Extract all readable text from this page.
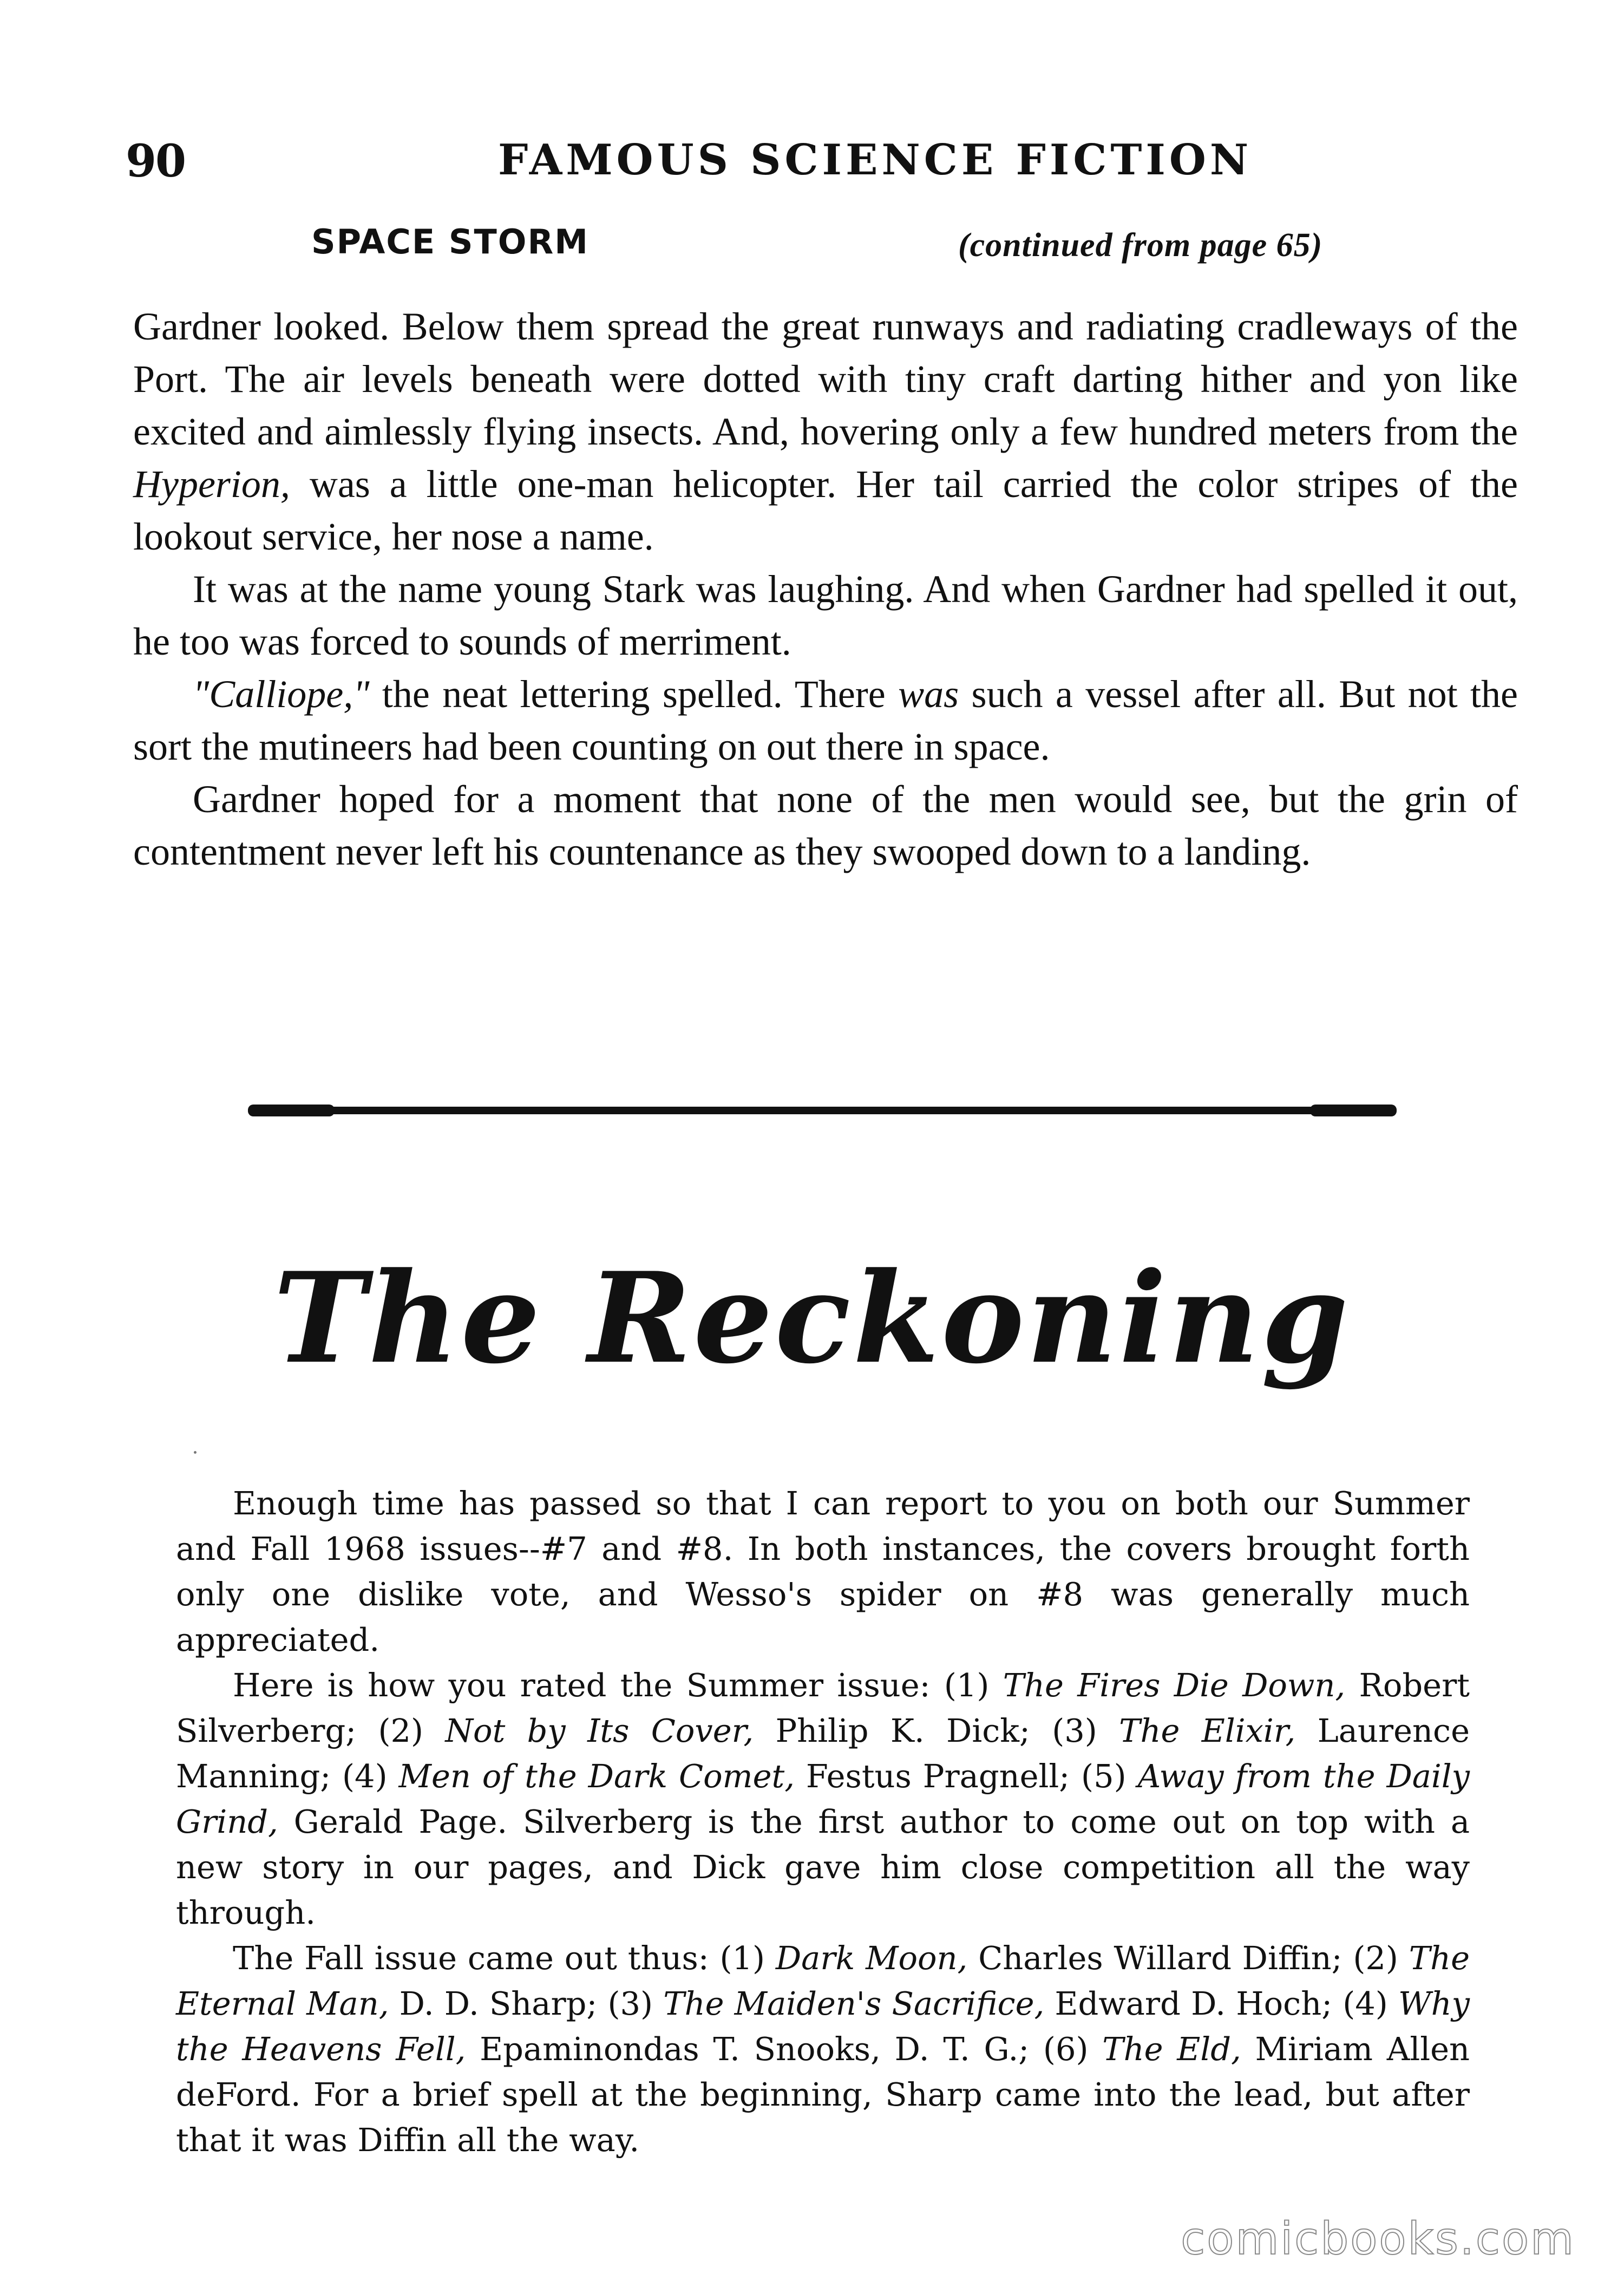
90	FAMOUS SCIENCE FICTION
SPACE STORM	(continued from page 65)

Gardner looked. Below them spread the great runways and radiating cradleways of the Port. The air levels beneath were dotted with tiny craft darting hither and yon like excited and aimlessly flying insects. And, hovering only a few hundred meters from the Hyperion, was a little one-man helicopter. Her tail carried the color stripes of the lookout service, her nose a name.

It was at the name young Stark was laughing. And when Gardner had spelled it out, he too was forced to sounds of merriment.

"Calliope," the neat lettering spelled. There was such a vessel after all. But not the sort the mutineers had been counting on out there in space.

Gardner hoped for a moment that none of the men would see, but the grin of contentment never left his countenance as they swooped down to a landing.

The Reckoning

Enough time has passed so that I can report to you on both our Summer and Fall 1968 issues--#7 and #8. In both instances, the covers brought forth only one dislike vote, and Wesso's spider on #8 was generally much appreciated.

Here is how you rated the Summer issue: (1) The Fires Die Down, Robert Silverberg; (2) Not by Its Cover, Philip K. Dick; (3) The Elixir, Laurence Manning; (4) Men of the Dark Comet, Festus Pragnell; (5) Away from the Daily Grind, Gerald Page. Silverberg is the first author to come out on top with a new story in our pages, and Dick gave him close competition all the way through.

The Fall issue came out thus: (1) Dark Moon, Charles Willard Diffin; (2) The Eternal Man, D. D. Sharp; (3) The Maiden's Sacrifice, Edward D. Hoch; (4) Why the Heavens Fell, Epaminondas T. Snooks, D. T. G.; (6) The Eld, Miriam Allen deFord. For a brief spell at the beginning, Sharp came into the lead, but after that it was Diffin all the way.

comicbooks.com
